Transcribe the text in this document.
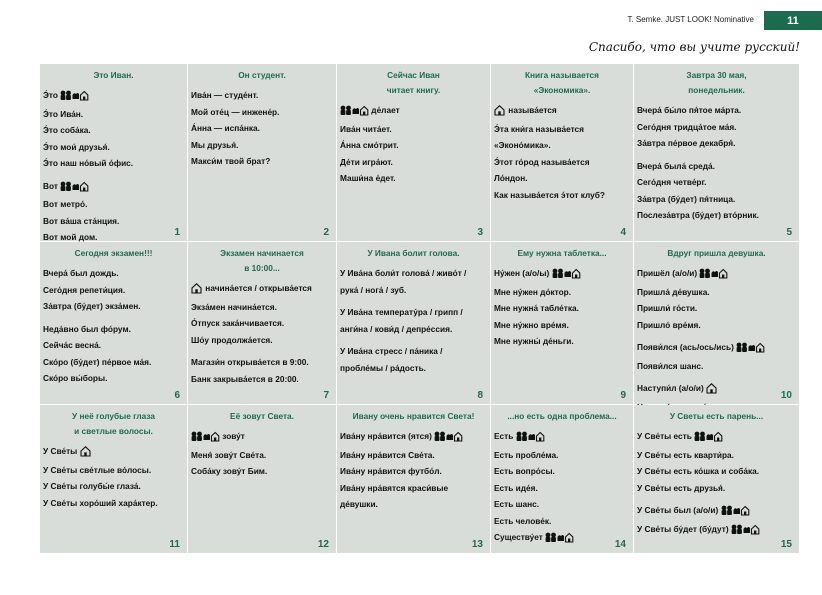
T. Semke. JUST LOOK! Nominative	11
Спасибо, что вы учите русский!
Это Иван.
Э́то
Э́то Ива́н.
Э́то соба́ка.
Э́то мои́ друзья́.
Э́то наш но́вый о́фис.
Вот
Вот метро́.
Вот ва́ша ста́нция.
Вот мой дом.	1
Он студент.
Ива́н — студе́нт.
Мой оте́ц — инжене́р.
А́нна — испа́нка.
Мы друзья́.
Макси́м твой брат?
2
Сейчас Иван
читает книгу.
де́лает
Ива́н чита́ет.
А́нна смо́трит.
Де́ти игра́ют.
Маши́на е́дет.
3
Книга называется
«Экономика».
называ́ется
Э́та кни́га называ́ется
«Эконо́мика».
Э́тот го́род называ́ется
Ло́ндон.
Как называ́ется э́тот клуб?
4
Завтра 30 мая,
понедельник.
Вчера́ бы́ло пя́тое ма́рта.
Сего́дня тридца́тое ма́я.
За́втра пе́рвое декабря́.
Вчера́ была́ среда́.
Сего́дня четве́рг.
За́втра (бу́дет) пя́тница.
Послеза́втра (бу́дет) вто́рник.
5
Сегодня экзамен!!!
Вчера́ был дождь.
Сего́дня репети́ция.
За́втра (бу́дет) экза́мен.
Неда́вно был фо́рум.
Сейча́с весна́.
Ско́ро (бу́дет) пе́рвое ма́я.
Ско́ро вы́боры.
6
Экзамен начинается
в 10:00...
начина́ется / открыва́ется
Экза́мен начина́ется.
О́тпуск зака́нчивается.
Шо́у продолжа́ется.
Магази́н открыва́ется в 9:00.
Банк закрыва́ется в 20:00.
7
У Ивана болит голова.
У Ива́на боли́т голова́ / живо́т /
рука́ / нога́ / зуб.
У Ива́на температу́ра / грипп /
анги́на / кови́д / депре́ссия.
У Ива́на стресс / па́ника /
пробле́мы / ра́дость.
8
Ему нужна таблетка...
Ну́жен (а/о/ы)
Мне ну́жен до́ктор.
Мне нужна́ табле́тка.
Мне ну́жно вре́мя.
Мне нужны́ де́ньги.
9
Вдруг пришла девушка.
Пришёл (а/о/и)
Пришла́ де́вушка.
Пришли́ го́сти.
Пришло́ вре́мя.
Появи́лся (ась/ось/ись)
Появи́лся шанс.
Наступи́л (а/о/и)
10
У неё голубые глаза
и светлые волосы.
У Све́ты
У Све́ты све́тлые во́лосы.
У Све́ты голубы́е глаза́.
У Све́ты хоро́ший хара́ктер.
11
Её зовут Света.
зову́т
Меня́ зову́т Све́та.
Соба́ку зову́т Бим.
12
Ивану очень нравится Света!
Ива́ну нра́вится (ятся)
Ива́ну нра́вится Све́та.
Ива́ну нра́вится футбо́л.
Ива́ну нра́вятся краси́вые
де́вушки.
13
...но есть одна проблема...
Есть
Есть пробле́ма.
Есть вопро́сы.
Есть иде́я.
Есть шанс.
Есть челове́к.
Существу́ет
14
У Светы есть парень...
У Све́ты есть
У Све́ты есть кварти́ра.
У Све́ты есть ко́шка и соба́ка.
У Све́ты есть друзья́.
У Све́ты был (а/о/и)
У Све́ты бу́дет (бу́дут)
15
